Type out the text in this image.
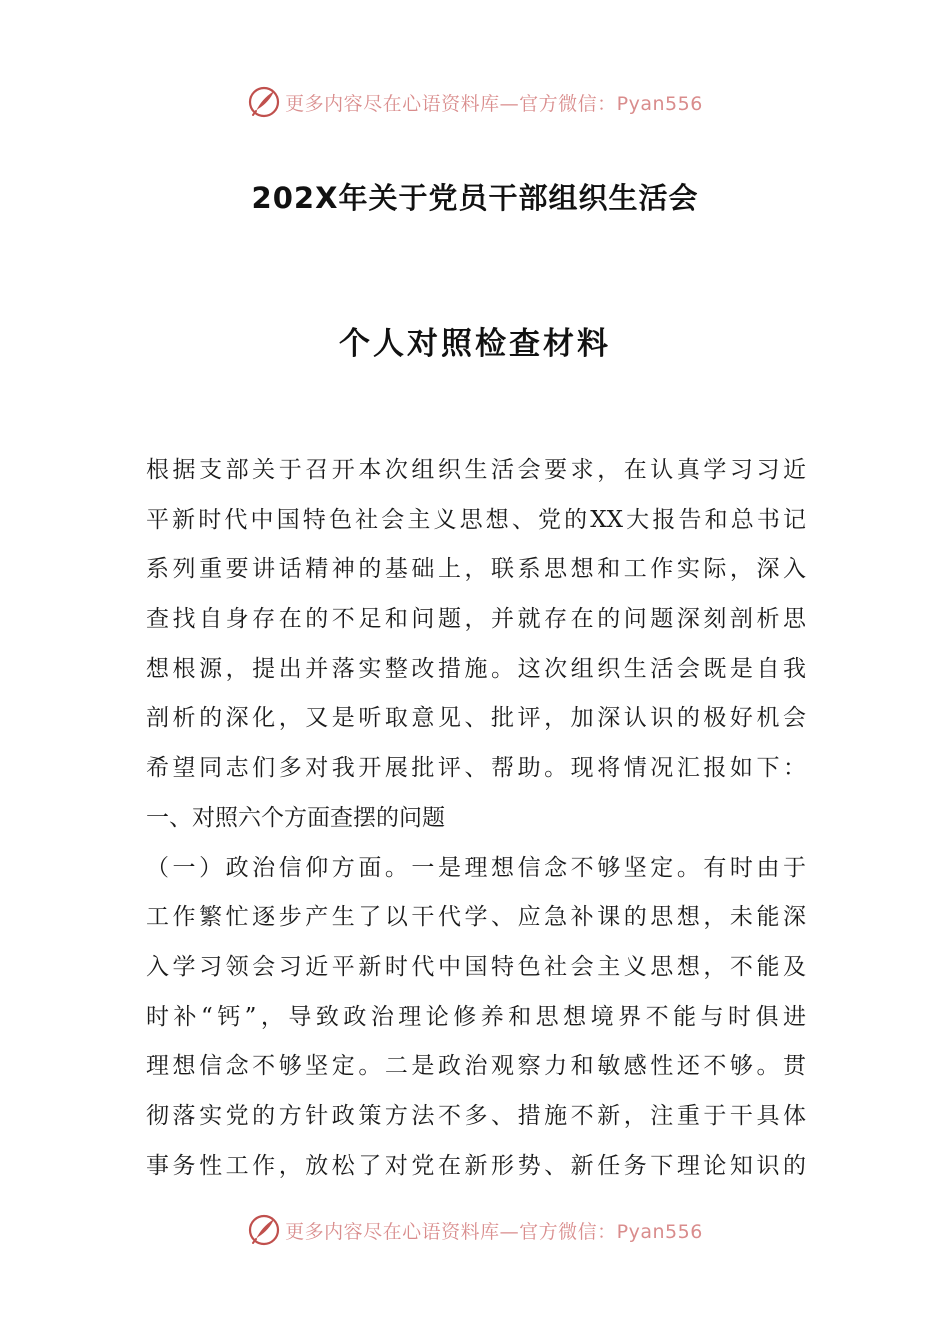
更多内容尽在心语资料库—官方微信：Pyan556
202X年关于党员干部组织生活会
个人对照检查材料
根据支部关于召开本次组织生活会要求，在认真学习习近
平新时代中国特色社会主义思想、党的XX大报告和总书记
系列重要讲话精神的基础上，联系思想和工作实际，深入
查找自身存在的不足和问题，并就存在的问题深刻剖析思
想根源，提出并落实整改措施。这次组织生活会既是自我
剖析的深化，又是听取意见、批评，加深认识的极好机会
希望同志们多对我开展批评、帮助。现将情况汇报如下：
一、对照六个方面查摆的问题
（一）政治信仰方面。一是理想信念不够坚定。有时由于
工作繁忙逐步产生了以干代学、应急补课的思想，未能深
入学习领会习近平新时代中国特色社会主义思想，不能及
时补“钙”，导致政治理论修养和思想境界不能与时俱进
理想信念不够坚定。二是政治观察力和敏感性还不够。贯
彻落实党的方针政策方法不多、措施不新，注重于干具体
事务性工作，放松了对党在新形势、新任务下理论知识的
更多内容尽在心语资料库—官方微信：Pyan556
